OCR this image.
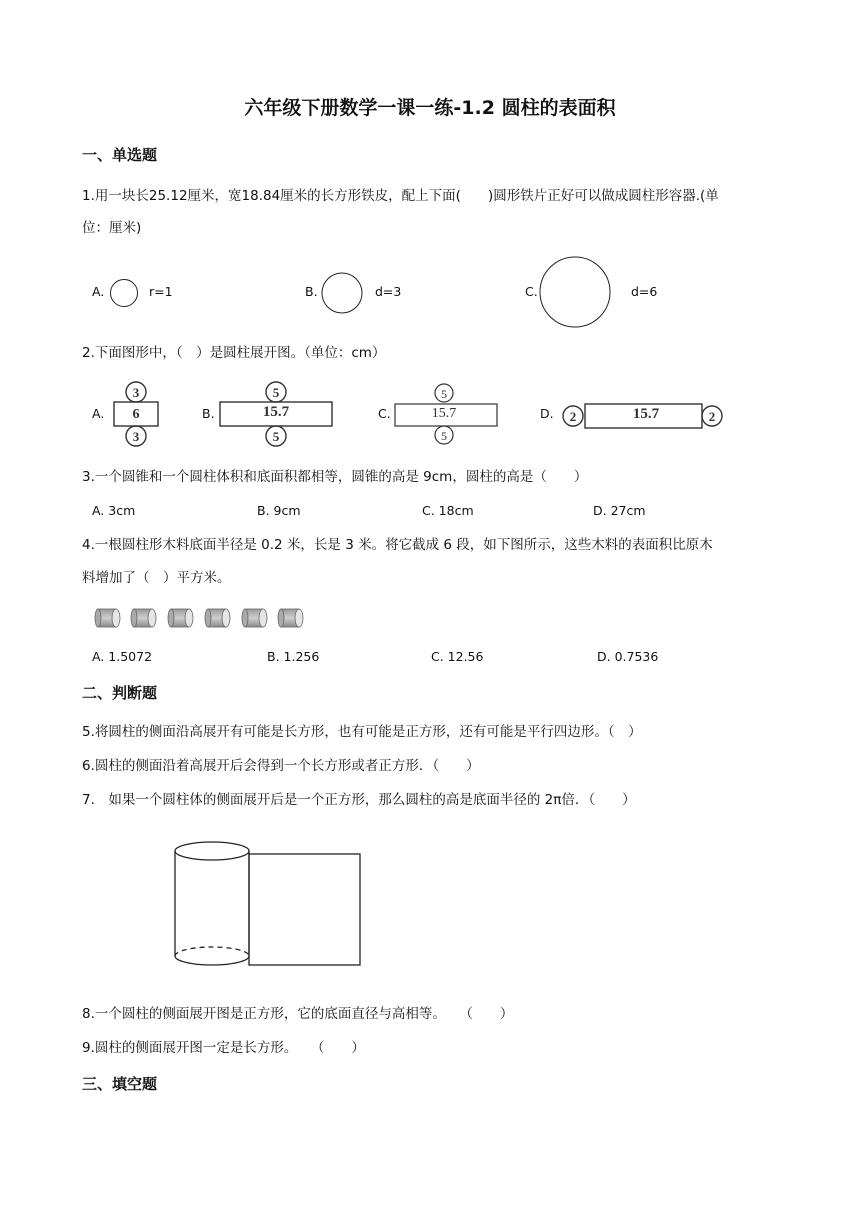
六年级下册数学一课一练-1.2 圆柱的表面积
一、单选题
1.用一块长25.12厘米，宽18.84厘米的长方形铁皮，配上下面(　　)圆形铁片正好可以做成圆柱形容器.(单
位：厘米)
A.	r=1	B.	d=3	C.	d=6
2.下面图形中，（　）是圆柱展开图。（单位：cm）
A.
3
6
3
B.
5
15.7
5
C.
5
15.7
5
D. 2	15.7	2
3.一个圆锥和一个圆柱体积和底面积都相等，圆锥的高是 9cm，圆柱的高是（　　）
A. 3cm	B. 9cm	C. 18cm	D. 27cm
4.一根圆柱形木料底面半径是 0.2 米，长是 3 米。将它截成 6 段，如下图所示，这些木料的表面积比原木
料增加了（　）平方米。
A. 1.5072	B. 1.256	C. 12.56	D. 0.7536
二、判断题
5.将圆柱的侧面沿高展开有可能是长方形，也有可能是正方形，还有可能是平行四边形。（　）
6.圆柱的侧面沿着高展开后会得到一个长方形或者正方形．（　　）
7.　如果一个圆柱体的侧面展开后是一个正方形，那么圆柱的高是底面半径的 2π倍．（　　）
8.一个圆柱的侧面展开图是正方形，它的底面直径与高相等。　　（　　）
9.圆柱的侧面展开图一定是长方形。　　（　　）
三、填空题
